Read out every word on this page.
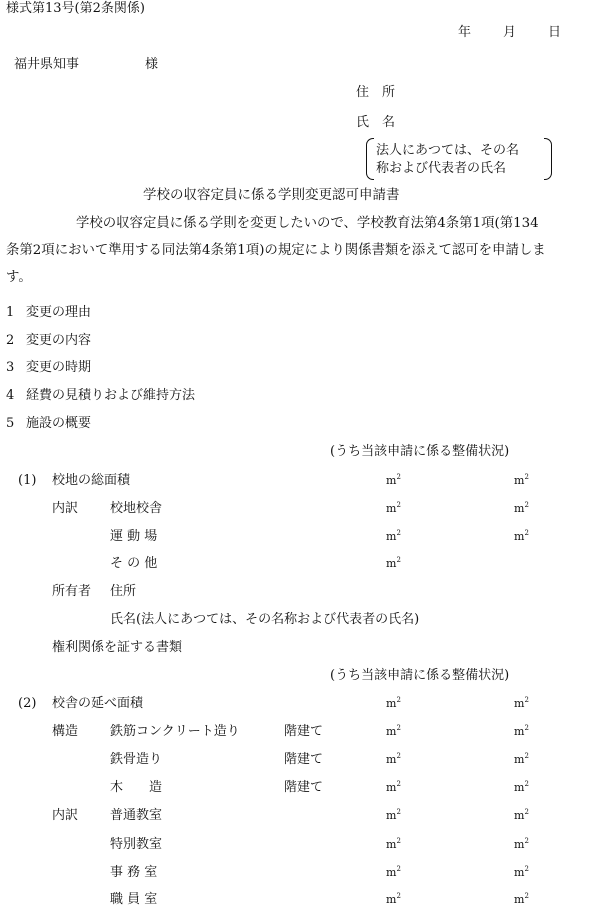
様式第13号(第2条関係)
年 月 日
福井県知事	様
住　所
氏　名
法人にあつては、その名
称および代表者の氏名
学校の収容定員に係る学則変更認可申請書
学校の収容定員に係る学則を変更したいので、学校教育法第4条第1項(第134
条第2項において準用する同法第4条第1項)の規定により関係書類を添えて認可を申請しま
す。
1 変更の理由
2 変更の内容
3 変更の時期
4 経費の見積りおよび維持方法
5 施設の概要
(うち当該申請に係る整備状況)
(1) 校地の総面積	$m^2$	$m^2$
内訳 校地校舎	$m^2$	$m^2$
運 動 場	$m^2$	$m^2$
そ の 他	$m^2$
所有者 住所
氏名(法人にあつては、その名称および代表者の氏名)
権利関係を証する書類
(うち当該申請に係る整備状況)
(2) 校舎の延べ面積	$m^2$	$m^2$
構造 鉄筋コンクリート造り	階建て	$m^2$	$m^2$
鉄骨造り	階建て	$m^2$	$m^2$
木　　造	階建て	$m^2$	$m^2$
内訳 普通教室	$m^2$	$m^2$
特別教室	$m^2$	$m^2$
事 務 室	$m^2$	$m^2$
職 員 室	$m^2$	$m^2$
